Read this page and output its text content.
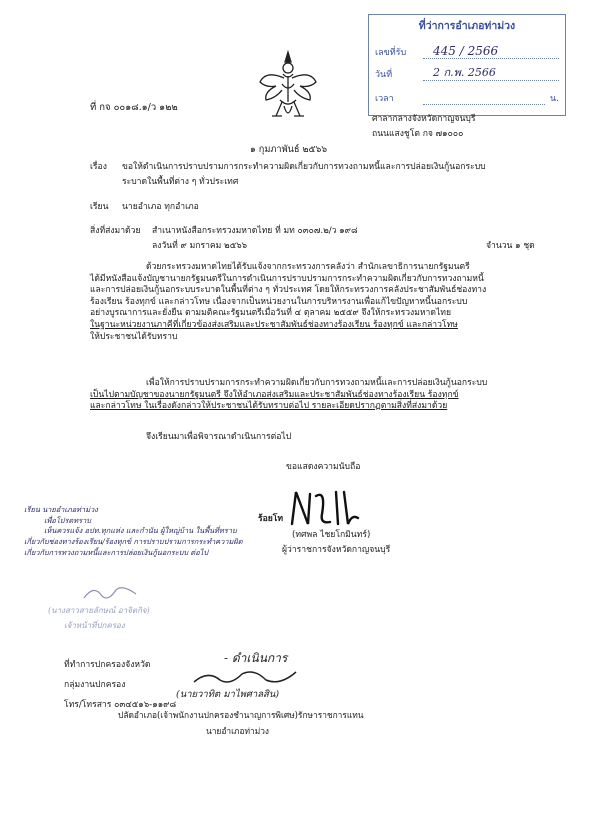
ที่ว่าการอำเภอท่าม่วง
เลขที่รับ 445 / 2566
วันที่	2 ก.พ. 2566
เวลา	น.
ที่ กจ ๐๐๑๘.๑/ว ๑๒๒
ศาลากลางจังหวัดกาญจนบุรี
ถนนแสงชูโต กจ ๗๑๐๐๐
๑ กุมภาพันธ์ ๒๕๖๖
เรื่อง ขอให้ดำเนินการปราบปรามการกระทำความผิดเกี่ยวกับการทวงถามหนี้และการปล่อยเงินกู้นอกระบบ
ระบาดในพื้นที่ต่าง ๆ ทั่วประเทศ
เรียน นายอำเภอ ทุกอำเภอ
สิ่งที่ส่งมาด้วย สำเนาหนังสือกระทรวงมหาดไทย ที่ มท ๐๓๐๗.๒/ว ๑๙๘
ลงวันที่ ๙ มกราคม ๒๕๖๖	จำนวน ๑ ชุด
ด้วยกระทรวงมหาดไทยได้รับแจ้งจากกระทรวงการคลังว่า สำนักเลขาธิการนายกรัฐมนตรี
ได้มีหนังสือแจ้งบัญชานายกรัฐมนตรีในการดำเนินการปราบปรามการกระทำความผิดเกี่ยวกับการทวงถามหนี้
และการปล่อยเงินกู้นอกระบบระบาดในพื้นที่ต่าง ๆ ทั่วประเทศ โดยให้กระทรวงการคลังประชาสัมพันธ์ช่องทาง
ร้องเรียน ร้องทุกข์ และกล่าวโทษ เนื่องจากเป็นหน่วยงานในการบริหารงานเพื่อแก้ไขปัญหาหนี้นอกระบบ
อย่างบูรณาการและยั่งยืน ตามมติคณะรัฐมนตรีเมื่อวันที่ ๔ ตุลาคม ๒๕๕๙ จึงให้กระทรวงมหาดไทย
ในฐานะหน่วยงานภาคีที่เกี่ยวข้องส่งเสริมและประชาสัมพันธ์ช่องทางร้องเรียน ร้องทุกข์ และกล่าวโทษ
ให้ประชาชนได้รับทราบ
เพื่อให้การปราบปรามการกระทำความผิดเกี่ยวกับการทวงถามหนี้และการปล่อยเงินกู้นอกระบบ
เป็นไปตามบัญชาของนายกรัฐมนตรี จึงให้อำเภอส่งเสริมและประชาสัมพันธ์ช่องทางร้องเรียน ร้องทุกข์
และกล่าวโทษ ในเรื่องดังกล่าวให้ประชาชนได้รับทราบต่อไป รายละเอียดปรากฏตามสิ่งที่ส่งมาด้วย
จึงเรียนมาเพื่อพิจารณาดำเนินการต่อไป
ขอแสดงความนับถือ
ร้อยโท
(ทศพล ไชยโกมินทร์)
ผู้ว่าราชการจังหวัดกาญจนบุรี
เรียน นายอำเภอท่าม่วง
เพื่อโปรดทราบ
เห็นควรแจ้ง อปท.ทุกแห่ง และกำนัน ผู้ใหญ่บ้าน ในพื้นที่ทราบ
เกี่ยวกับช่องทางร้องเรียน/ร้องทุกข์ การปราบปรามการกระทำความผิด
เกี่ยวกับการทวงถามหนี้และการปล่อยเงินกู้นอกระบบ ต่อไป
(นางสาวสายลักษณ์ อาจิตกิจ)
เจ้าหน้าที่ปกครอง
- ดำเนินการ
ที่ทำการปกครองจังหวัด
กลุ่มงานปกครอง
โทร/โทรสาร ๐๓๔๕๑๖-๑๑๙๘
(นายวาทิต มาไพศาลสิน)
ปลัดอำเภอ(เจ้าพนักงานปกครองชำนาญการพิเศษ)รักษาราชการแทน
นายอำเภอท่าม่วง
